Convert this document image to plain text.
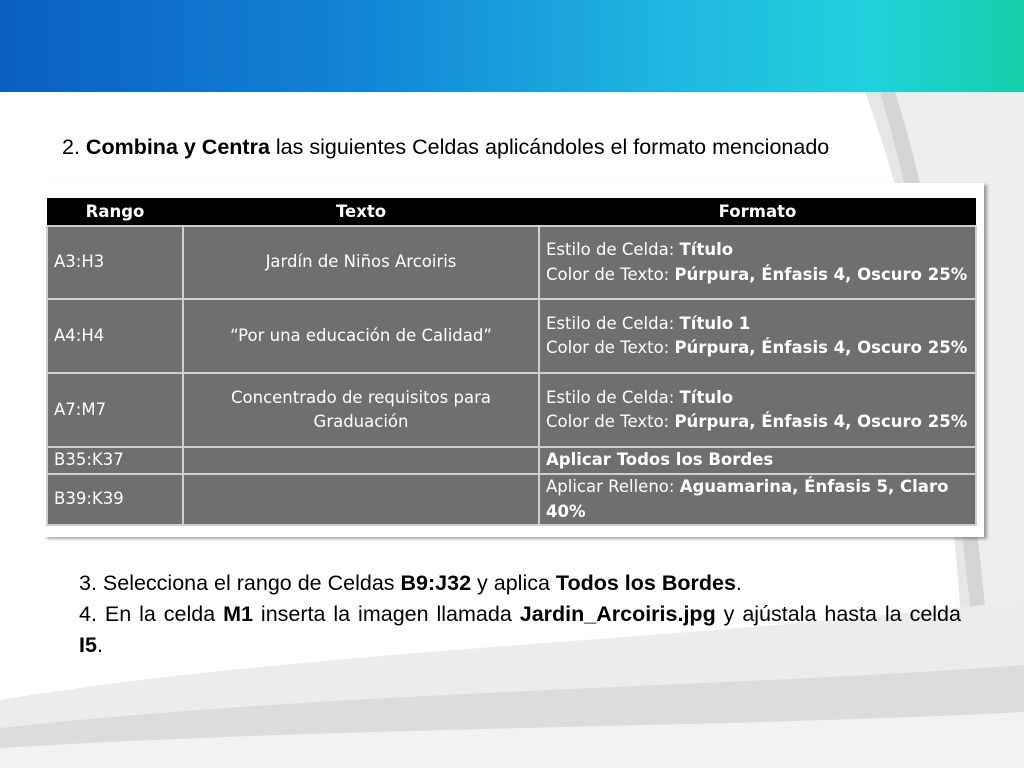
2. Combina y Centra las siguientes Celdas aplicándoles el formato mencionado
Rango	Texto	Formato
A3:H3	Jardín de Niños Arcoiris	Estilo de Celda: Título
Color de Texto: Púrpura, Énfasis 4, Oscuro 25%
A4:H4	“Por una educación de Calidad”	Estilo de Celda: Título 1
Color de Texto: Púrpura, Énfasis 4, Oscuro 25%
A7:M7	Concentrado de requisitos para Graduación	Estilo de Celda: Título
Color de Texto: Púrpura, Énfasis 4, Oscuro 25%
B35:K37		Aplicar Todos los Bordes
B39:K39		Aplicar Relleno: Aguamarina, Énfasis 5, Claro 40%

3. Selecciona el rango de Celdas B9:J32 y aplica Todos los Bordes.

4. En la celda M1 inserta la imagen llamada Jardin_Arcoiris.jpg y ajústala hasta la celda I5.
